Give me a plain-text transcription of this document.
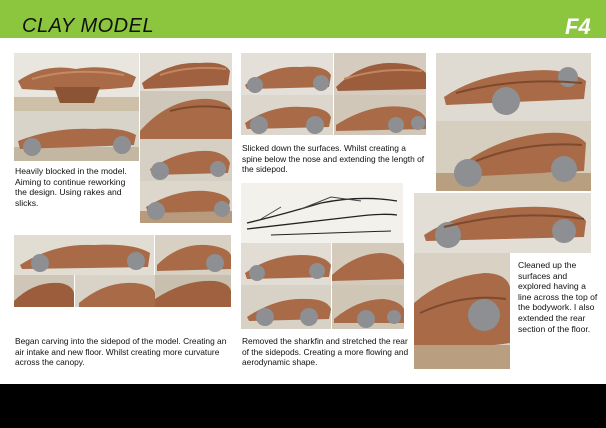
CLAY MODEL	F4
Heavily blocked in the model. Aiming to continue reworking the design. Using rakes and slicks.
Slicked down the surfaces. Whilst creating a spine below the nose and extending the length of the sidepod.
Began carving into the sidepod of the model. Creating an air intake and new floor. Whilst creating more curvature across the canopy.
Removed the sharkfin and stretched the rear of the sidepods. Creating a more flowing and aerodynamic shape.
Cleaned up the surfaces and explored having a line across the top of the bodywork. I also extended the rear section of the floor.
